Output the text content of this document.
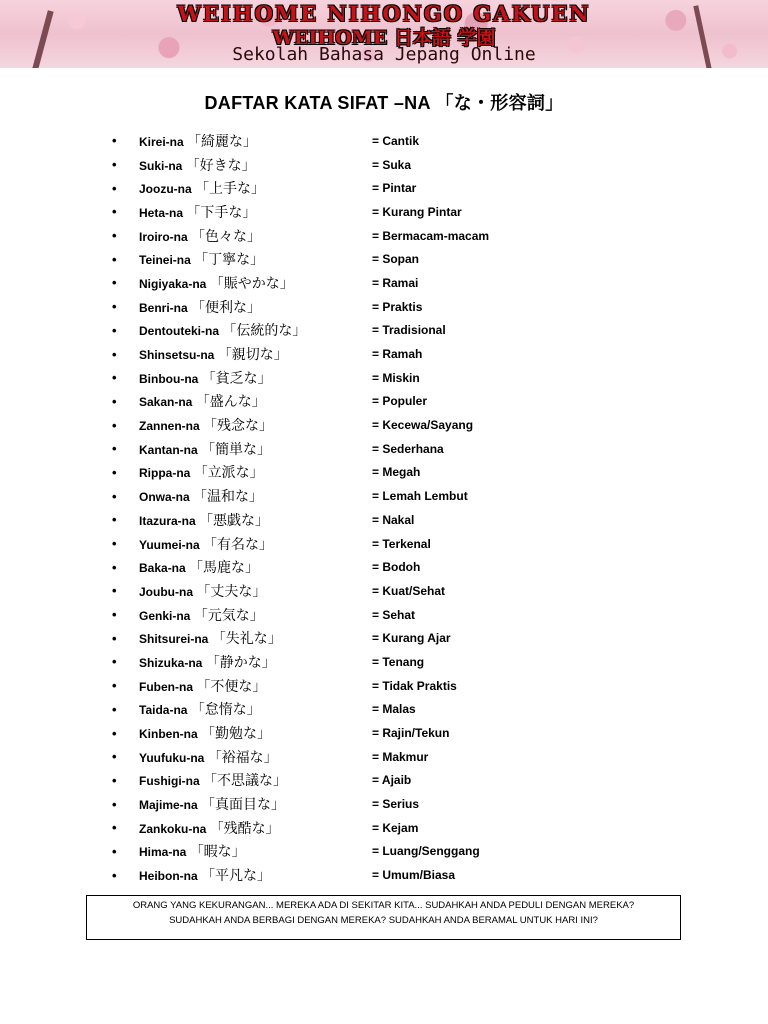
WEIHOME NIHONGO GAKUEN
WEIHOME 日本語 学園
Sekolah Bahasa Jepang Online
DAFTAR KATA SIFAT –NA 「な・形容詞」
•	Kirei-na 「綺麗な」	= Cantik
•	Suki-na 「好きな」	= Suka
•	Joozu-na 「上手な」	= Pintar
•	Heta-na 「下手な」	= Kurang Pintar
•	Iroiro-na 「色々な」	= Bermacam-macam
•	Teinei-na 「丁寧な」	= Sopan
•	Nigiyaka-na 「賑やかな」	= Ramai
•	Benri-na 「便利な」	= Praktis
•	Dentouteki-na 「伝統的な」	= Tradisional
•	Shinsetsu-na 「親切な」	= Ramah
•	Binbou-na 「貧乏な」	= Miskin
•	Sakan-na 「盛んな」	= Populer
•	Zannen-na 「残念な」	= Kecewa/Sayang
•	Kantan-na 「簡単な」	= Sederhana
•	Rippa-na 「立派な」	= Megah
•	Onwa-na 「温和な」	= Lemah Lembut
•	Itazura-na 「悪戯な」	= Nakal
•	Yuumei-na 「有名な」	= Terkenal
•	Baka-na 「馬鹿な」	= Bodoh
•	Joubu-na 「丈夫な」	= Kuat/Sehat
•	Genki-na 「元気な」	= Sehat
•	Shitsurei-na 「失礼な」	= Kurang Ajar
•	Shizuka-na 「静かな」	= Tenang
•	Fuben-na 「不便な」	= Tidak Praktis
•	Taida-na 「怠惰な」	= Malas
•	Kinben-na 「勤勉な」	= Rajin/Tekun
•	Yuufuku-na 「裕福な」	= Makmur
•	Fushigi-na 「不思議な」	= Ajaib
•	Majime-na 「真面目な」	= Serius
•	Zankoku-na 「残酷な」	= Kejam
•	Hima-na 「暇な」	= Luang/Senggang
•	Heibon-na 「平凡な」	= Umum/Biasa
ORANG YANG KEKURANGAN... MEREKA ADA DI SEKITAR KITA... SUDAHKAH ANDA PEDULI DENGAN MEREKA?
SUDAHKAH ANDA BERBAGI DENGAN MEREKA? SUDAHKAH ANDA BERAMAL UNTUK HARI INI?
